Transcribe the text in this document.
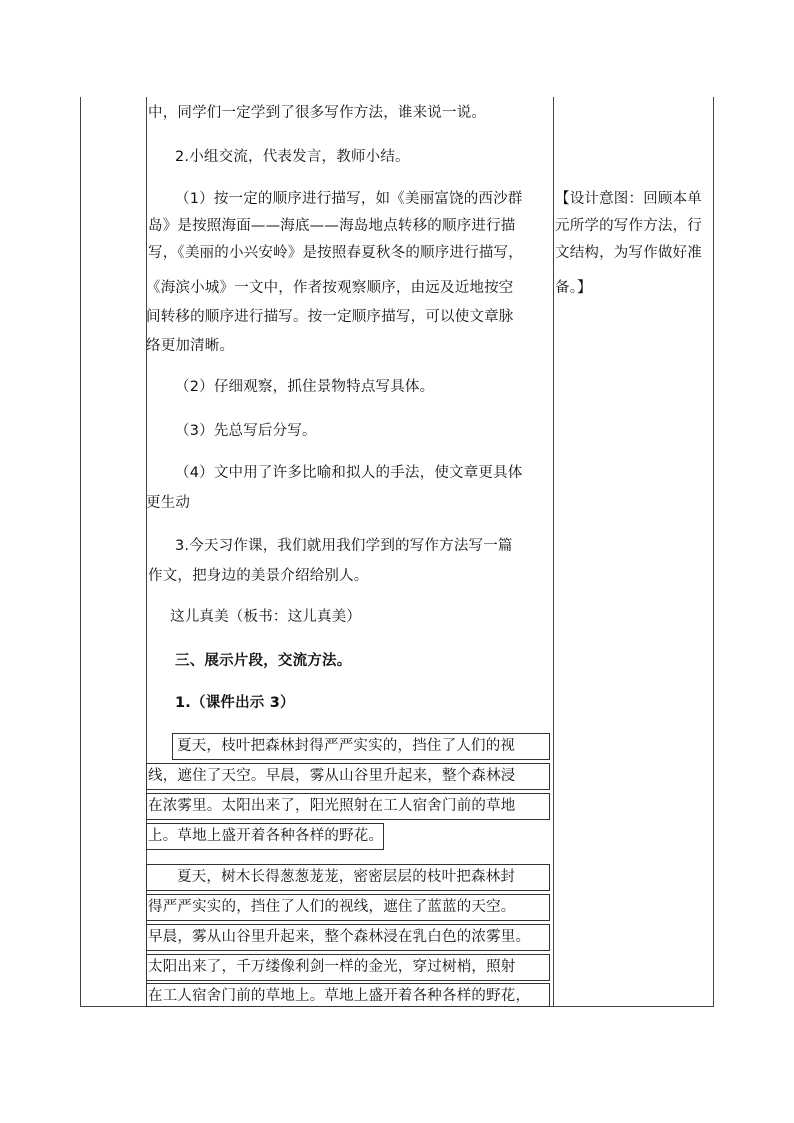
中，同学们一定学到了很多写作方法，谁来说一说。
2.小组交流，代表发言，教师小结。
（1）按一定的顺序进行描写，如《美丽富饶的西沙群
岛》是按照海面——海底——海岛地点转移的顺序进行描
写，《美丽的小兴安岭》是按照春夏秋冬的顺序进行描写，
《海滨小城》一文中，作者按观察顺序，由远及近地按空
间转移的顺序进行描写。按一定顺序描写，可以使文章脉
络更加清晰。
（2）仔细观察，抓住景物特点写具体。
（3）先总写后分写。
（4）文中用了许多比喻和拟人的手法，使文章更具体
更生动
3.今天习作课，我们就用我们学到的写作方法写一篇
作文，把身边的美景介绍给别人。
这儿真美（板书：这儿真美）
三、展示片段，交流方法。
1.（课件出示 3）
夏天，枝叶把森林封得严严实实的，挡住了人们的视
线，遮住了天空。早晨，雾从山谷里升起来，整个森林浸
在浓雾里。太阳出来了，阳光照射在工人宿舍门前的草地
上。草地上盛开着各种各样的野花。
夏天，树木长得葱葱茏茏，密密层层的枝叶把森林封
得严严实实的，挡住了人们的视线，遮住了蓝蓝的天空。
早晨，雾从山谷里升起来，整个森林浸在乳白色的浓雾里。
太阳出来了，千万缕像利剑一样的金光，穿过树梢，照射
在工人宿舍门前的草地上。草地上盛开着各种各样的野花，
【设计意图：回顾本单
元所学的写作方法，行
文结构，为写作做好准
备。】
